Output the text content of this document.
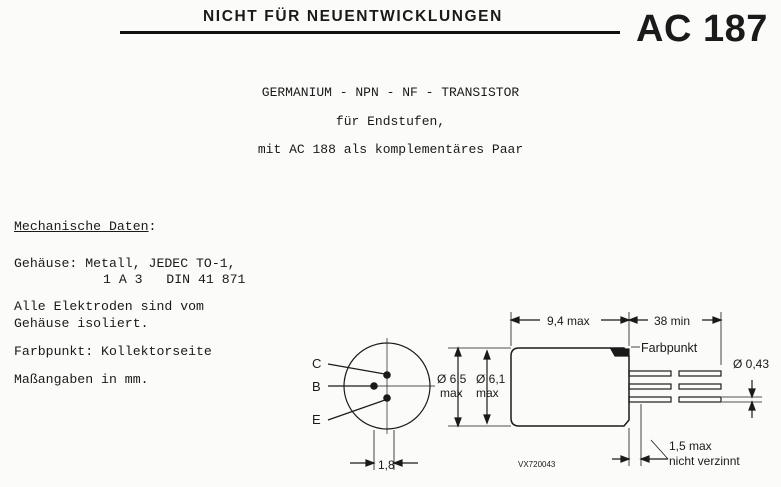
NICHT FÜR NEUENTWICKLUNGEN	AC 187
GERMANIUM - NPN - NF - TRANSISTOR
für Endstufen,
mit AC 188 als komplementäres Paar
Mechanische Daten:
Gehäuse: Metall, JEDEC TO-1,
1 A 3   DIN 41 871
Alle Elektroden sind vom
Gehäuse isoliert.
Farbpunkt: Kollektorseite
Maßangaben in mm.
C
B
E
1,8
Ø 6,5
max
Ø 6,1
max
9,4 max	38 min
Farbpunkt
Ø 0,43
1,5 max
nicht verzinnt
VX720043
